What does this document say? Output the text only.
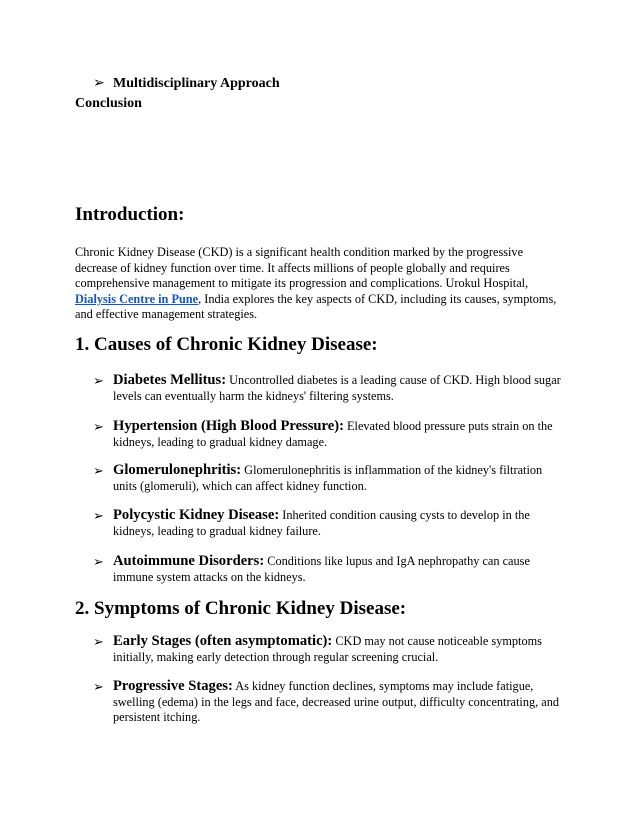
➢ Multidisciplinary Approach
Conclusion
Introduction:
Chronic Kidney Disease (CKD) is a significant health condition marked by the progressive decrease of kidney function over time. It affects millions of people globally and requires comprehensive management to mitigate its progression and complications. Urokul Hospital, Dialysis Centre in Pune, India explores the key aspects of CKD, including its causes, symptoms, and effective management strategies.
1. Causes of Chronic Kidney Disease:
➢ Diabetes Mellitus: Uncontrolled diabetes is a leading cause of CKD. High blood sugar levels can eventually harm the kidneys' filtering systems.
➢ Hypertension (High Blood Pressure): Elevated blood pressure puts strain on the kidneys, leading to gradual kidney damage.
➢ Glomerulonephritis: Glomerulonephritis is inflammation of the kidney's filtration units (glomeruli), which can affect kidney function.
➢ Polycystic Kidney Disease: Inherited condition causing cysts to develop in the kidneys, leading to gradual kidney failure.
➢ Autoimmune Disorders: Conditions like lupus and IgA nephropathy can cause immune system attacks on the kidneys.
2. Symptoms of Chronic Kidney Disease:
➢ Early Stages (often asymptomatic): CKD may not cause noticeable symptoms initially, making early detection through regular screening crucial.
➢ Progressive Stages: As kidney function declines, symptoms may include fatigue, swelling (edema) in the legs and face, decreased urine output, difficulty concentrating, and persistent itching.
